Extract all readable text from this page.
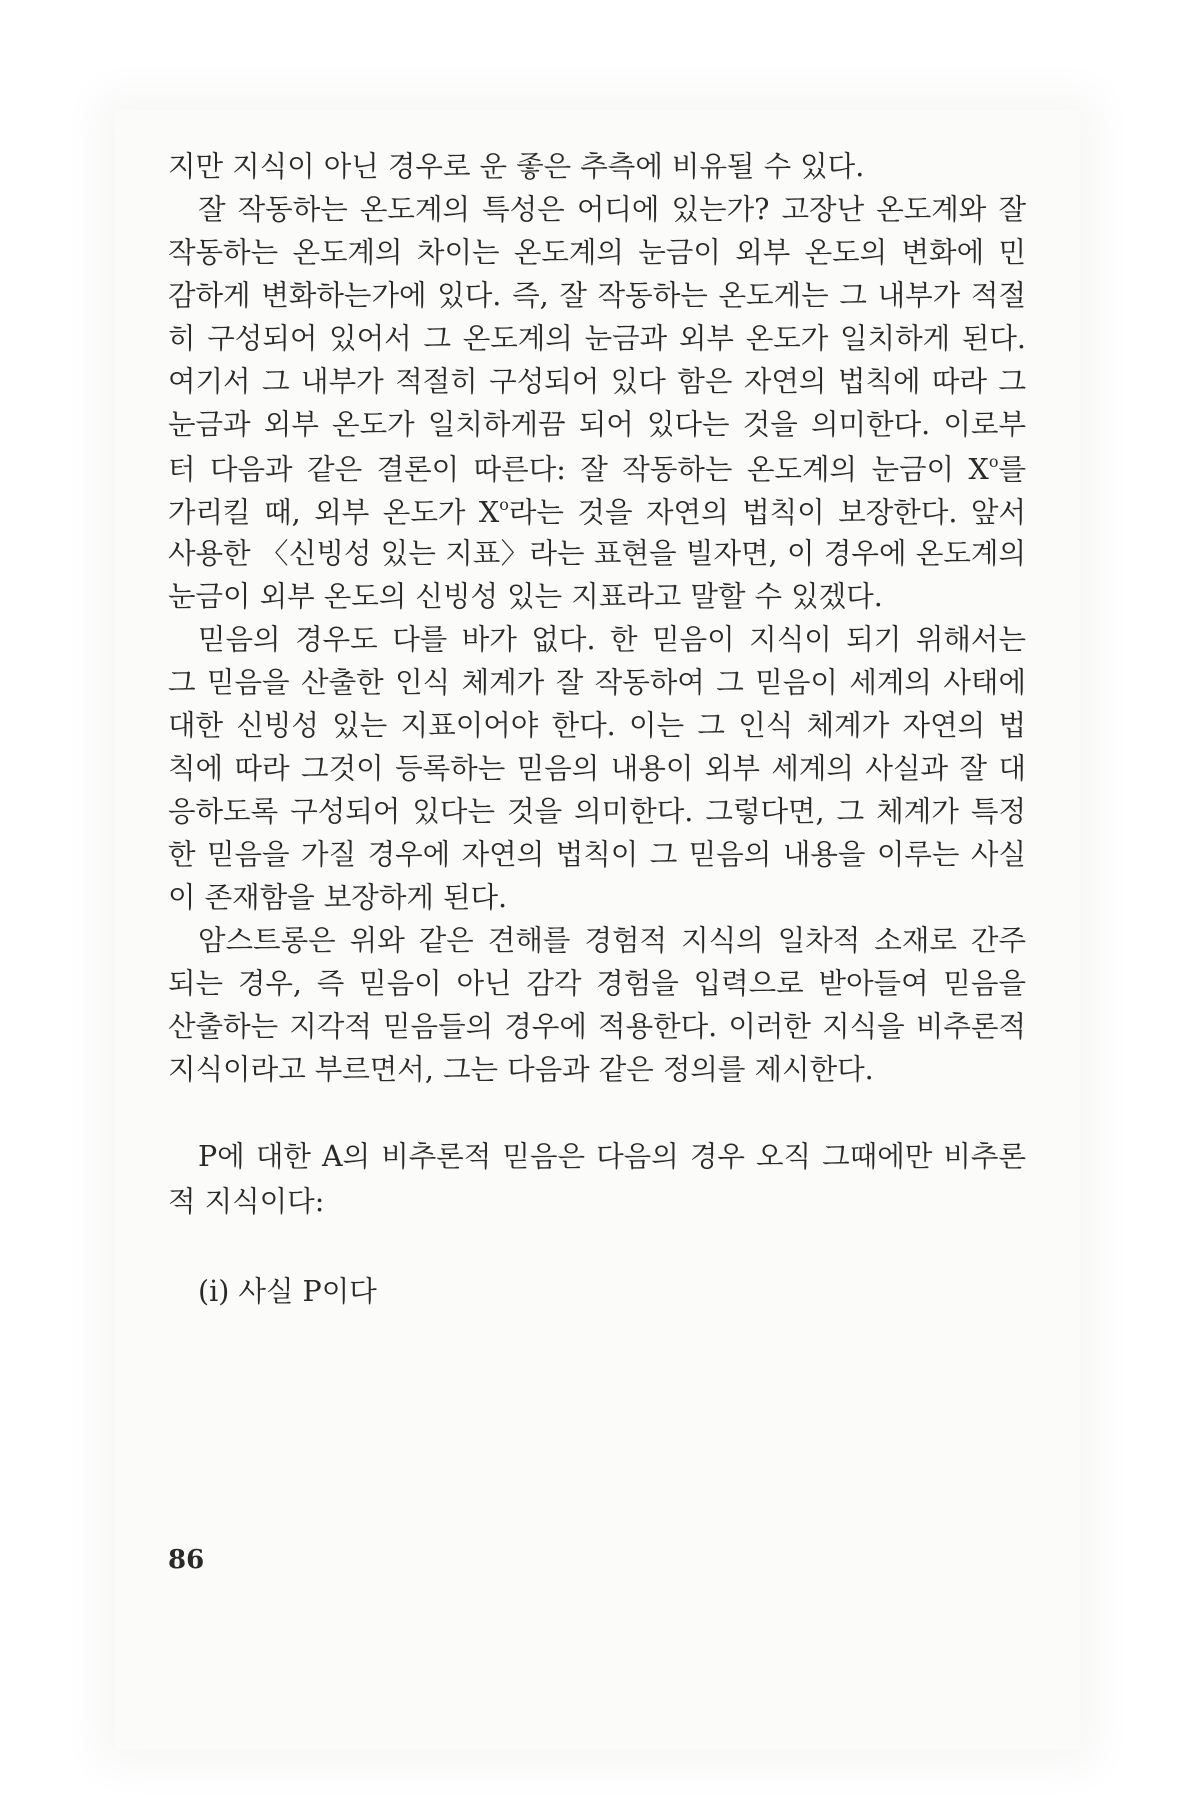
지만 지식이 아닌 경우로 운 좋은 추측에 비유될 수 있다.
잘 작동하는 온도계의 특성은 어디에 있는가? 고장난 온도계와 잘
작동하는 온도계의 차이는 온도계의 눈금이 외부 온도의 변화에 민
감하게 변화하는가에 있다. 즉, 잘 작동하는 온도게는 그 내부가 적절
히 구성되어 있어서 그 온도계의 눈금과 외부 온도가 일치하게 된다.
여기서 그 내부가 적절히 구성되어 있다 함은 자연의 법칙에 따라 그
눈금과 외부 온도가 일치하게끔 되어 있다는 것을 의미한다. 이로부
터 다음과 같은 결론이 따른다: 잘 작동하는 온도계의 눈금이 $X^o$를
가리킬 때, 외부 온도가 $X^o$라는 것을 자연의 법칙이 보장한다. 앞서
사용한 〈신빙성 있는 지표〉라는 표현을 빌자면, 이 경우에 온도계의
눈금이 외부 온도의 신빙성 있는 지표라고 말할 수 있겠다.
믿음의 경우도 다를 바가 없다. 한 믿음이 지식이 되기 위해서는
그 믿음을 산출한 인식 체계가 잘 작동하여 그 믿음이 세계의 사태에
대한 신빙성 있는 지표이어야 한다. 이는 그 인식 체계가 자연의 법
칙에 따라 그것이 등록하는 믿음의 내용이 외부 세계의 사실과 잘 대
응하도록 구성되어 있다는 것을 의미한다. 그렇다면, 그 체계가 특정
한 믿음을 가질 경우에 자연의 법칙이 그 믿음의 내용을 이루는 사실
이 존재함을 보장하게 된다.
암스트롱은 위와 같은 견해를 경험적 지식의 일차적 소재로 간주
되는 경우, 즉 믿음이 아닌 감각 경험을 입력으로 받아들여 믿음을
산출하는 지각적 믿음들의 경우에 적용한다. 이러한 지식을 비추론적
지식이라고 부르면서, 그는 다음과 같은 정의를 제시한다.
P에 대한 A의 비추론적 믿음은 다음의 경우 오직 그때에만 비추론
적 지식이다:
(i) 사실 P이다
86
